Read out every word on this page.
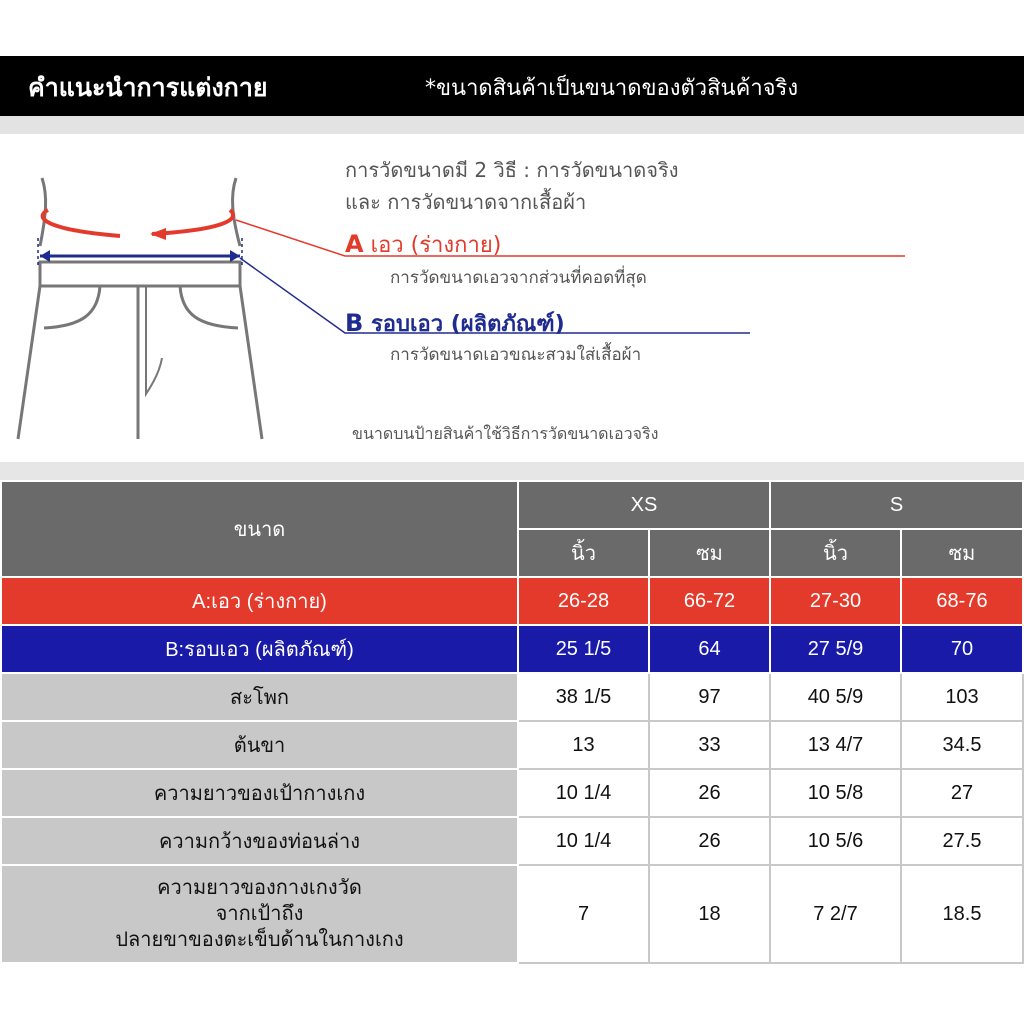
คำแนะนำการแต่งกาย	*ขนาดสินค้าเป็นขนาดของตัวสินค้าจริง
การวัดขนาดมี 2 วิธี : การวัดขนาดจริง
และ การวัดขนาดจากเสื้อผ้า
A เอว (ร่างกาย)
การวัดขนาดเอวจากส่วนที่คอดที่สุด
B รอบเอว (ผลิตภัณฑ์)
การวัดขนาดเอวขณะสวมใส่เสื้อผ้า
ขนาดบนป้ายสินค้าใช้วิธีการวัดขนาดเอวจริง
ขนาด	XS		S	
	นิ้ว	ซม	นิ้ว	ซม
A:เอว (ร่างกาย)	26-28	66-72	27-30	68-76
B:รอบเอว (ผลิตภัณฑ์)	25 1/5	64	27 5/9	70
สะโพก	38 1/5	97	40 5/9	103
ต้นขา	13	33	13 4/7	34.5
ความยาวของเป้ากางเกง	10 1/4	26	10 5/8	27
ความกว้างของท่อนล่าง	10 1/4	26	10 5/6	27.5

ความยาวของกางเกงวัด
จากเป้าถึง
ปลายขาของตะเข็บด้านในกางเกง	7	18	7 2/7	18.5
